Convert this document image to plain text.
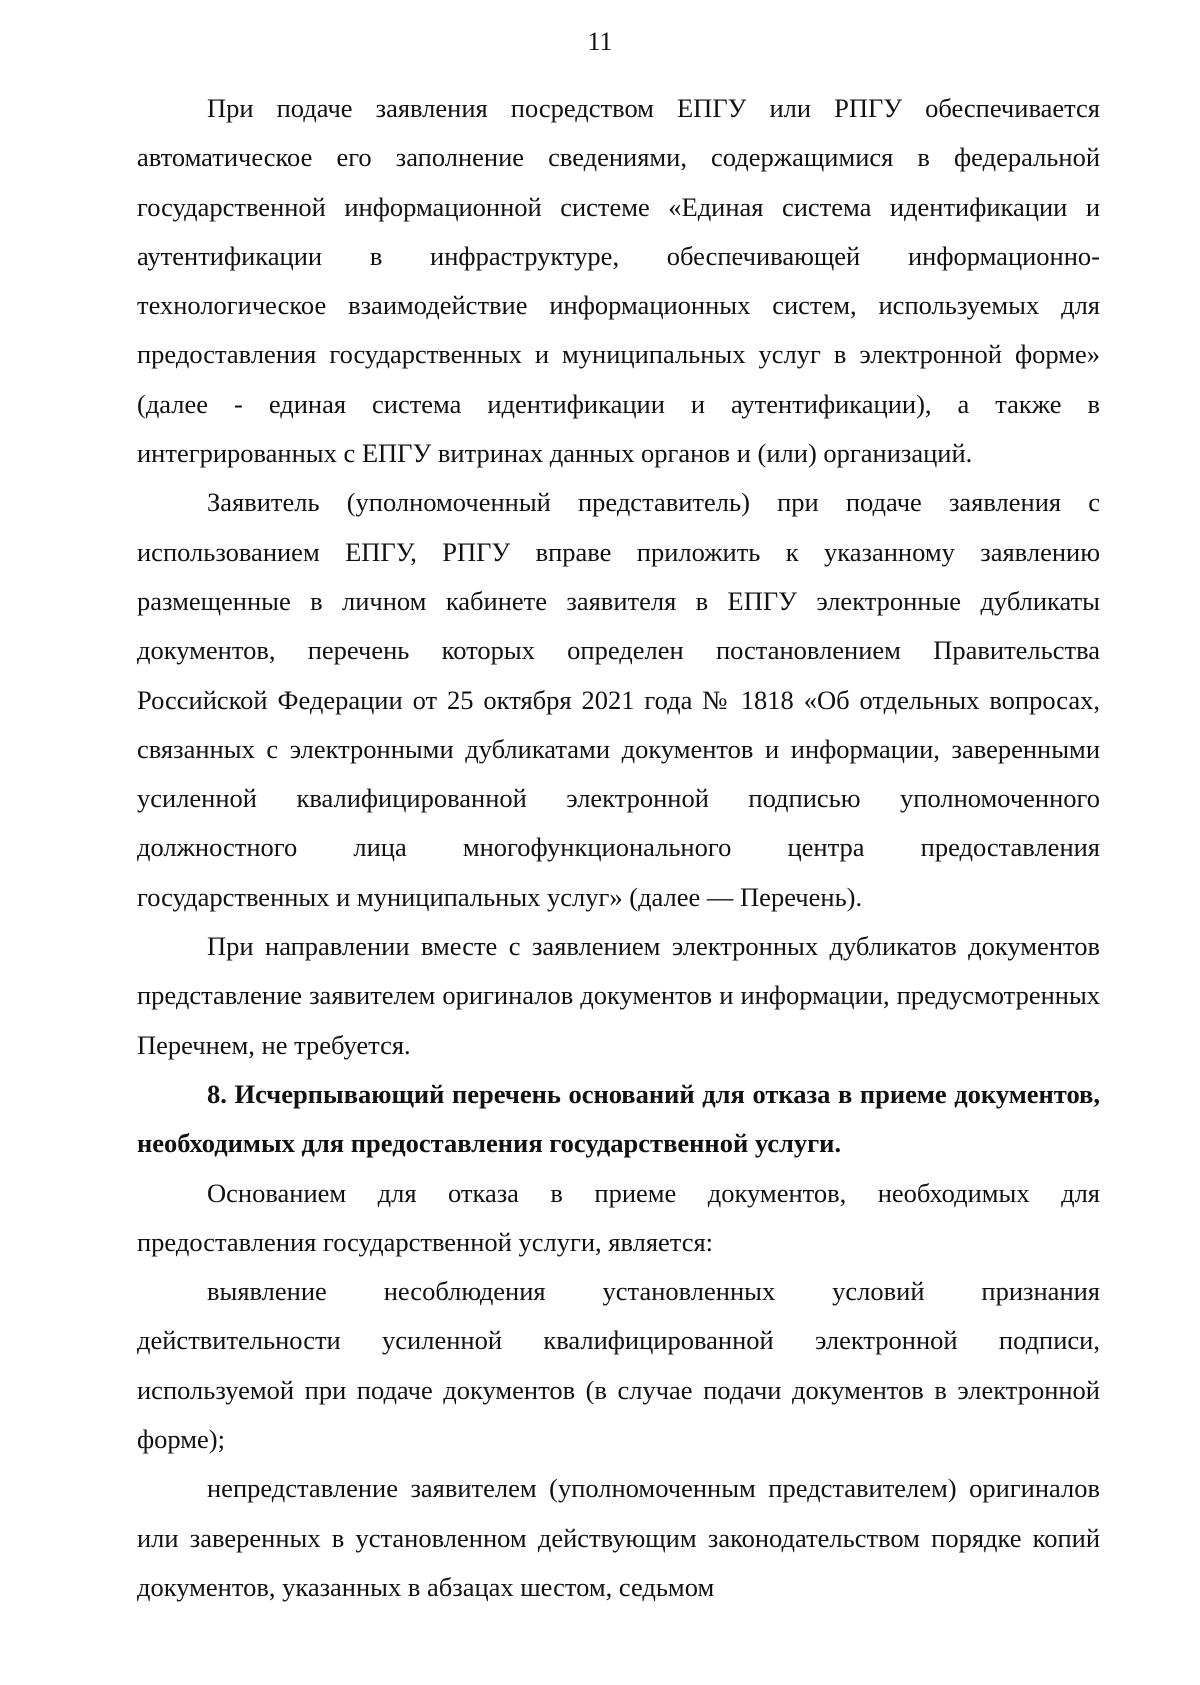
11

При подаче заявления посредством ЕПГУ или РПГУ обеспечивается автоматическое его заполнение сведениями, содержащимися в федеральной государственной информационной системе «Единая система идентификации и аутентификации в инфраструктуре, обеспечивающей информационно-технологическое взаимодействие информационных систем, используемых для предоставления государственных и муниципальных услуг в электронной форме» (далее - единая система идентификации и аутентификации), а также в интегрированных с ЕПГУ витринах данных органов и (или) организаций.

Заявитель (уполномоченный представитель) при подаче заявления с использованием ЕПГУ, РПГУ вправе приложить к указанному заявлению размещенные в личном кабинете заявителя в ЕПГУ электронные дубликаты документов, перечень которых определен постановлением Правительства Российской Федерации от 25 октября 2021 года № 1818 «Об отдельных вопросах, связанных с электронными дубликатами документов и информации, заверенными усиленной квалифицированной электронной подписью уполномоченного должностного лица многофункционального центра предоставления государственных и муниципальных услуг» (далее — Перечень).

При направлении вместе с заявлением электронных дубликатов документов представление заявителем оригиналов документов и информации, предусмотренных Перечнем, не требуется.

8. Исчерпывающий перечень оснований для отказа в приеме документов, необходимых для предоставления государственной услуги.

Основанием для отказа в приеме документов, необходимых для предоставления государственной услуги, является:

выявление несоблюдения установленных условий признания действительности усиленной квалифицированной электронной подписи, используемой при подаче документов (в случае подачи документов в электронной форме);

непредставление заявителем (уполномоченным представителем) оригиналов или заверенных в установленном действующим законодательством порядке копий документов, указанных в абзацах шестом, седьмом
